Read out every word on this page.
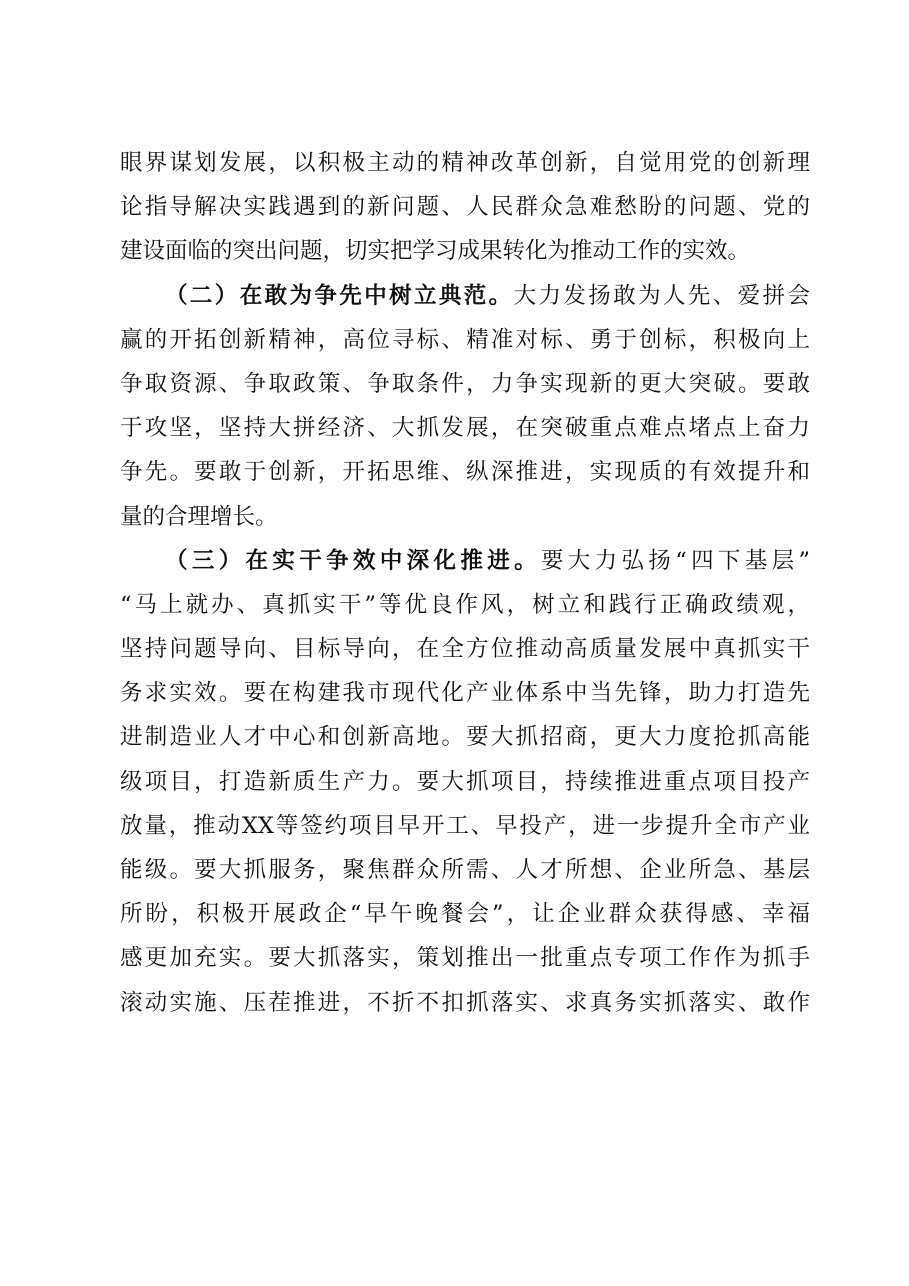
眼界谋划发展，以积极主动的精神改革创新，自觉用党的创新理
论指导解决实践遇到的新问题、人民群众急难愁盼的问题、党的
建设面临的突出问题，切实把学习成果转化为推动工作的实效。
（二）在敢为争先中树立典范。大力发扬敢为人先、爱拼会
赢的开拓创新精神，高位寻标、精准对标、勇于创标，积极向上
争取资源、争取政策、争取条件，力争实现新的更大突破。要敢
于攻坚，坚持大拼经济、大抓发展，在突破重点难点堵点上奋力
争先。要敢于创新，开拓思维、纵深推进，实现质的有效提升和
量的合理增长。
（三）在实干争效中深化推进。要大力弘扬“四下基层”
“马上就办、真抓实干”等优良作风，树立和践行正确政绩观，
坚持问题导向、目标导向，在全方位推动高质量发展中真抓实干
务求实效。要在构建我市现代化产业体系中当先锋，助力打造先
进制造业人才中心和创新高地。要大抓招商，更大力度抢抓高能
级项目，打造新质生产力。要大抓项目，持续推进重点项目投产
放量，推动XX等签约项目早开工、早投产，进一步提升全市产业
能级。要大抓服务，聚焦群众所需、人才所想、企业所急、基层
所盼，积极开展政企“早午晚餐会”，让企业群众获得感、幸福
感更加充实。要大抓落实，策划推出一批重点专项工作作为抓手
滚动实施、压茬推进，不折不扣抓落实、求真务实抓落实、敢作
